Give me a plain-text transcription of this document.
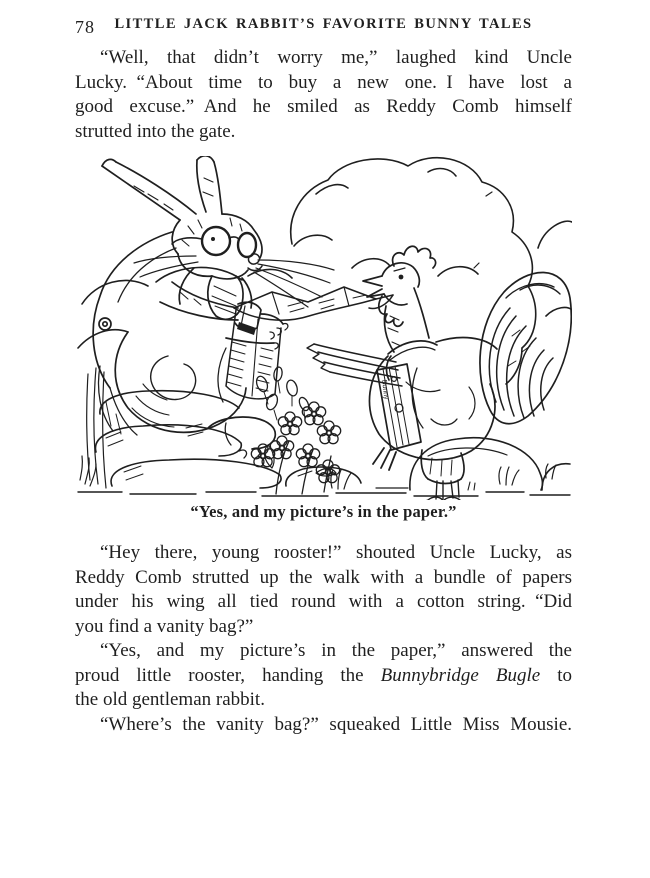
78	LITTLE JACK RABBIT’S FAVORITE BUNNY TALES
“Well, that didn’t worry me,” laughed kind Uncle
Lucky. “About time to buy a new one. I have lost a
good excuse.” And he smiled as Reddy Comb himself
strutted into the gate.
Bunny
“Yes, and my picture’s in the paper.”
“Hey there, young rooster!” shouted Uncle Lucky, as
Reddy Comb strutted up the walk with a bundle of papers
under his wing all tied round with a cotton string. “Did
you find a vanity bag?”
“Yes, and my picture’s in the paper,” answered the
proud little rooster, handing the Bunnybridge Bugle to
the old gentleman rabbit.
“Where’s the vanity bag?” squeaked Little Miss Mousie.
